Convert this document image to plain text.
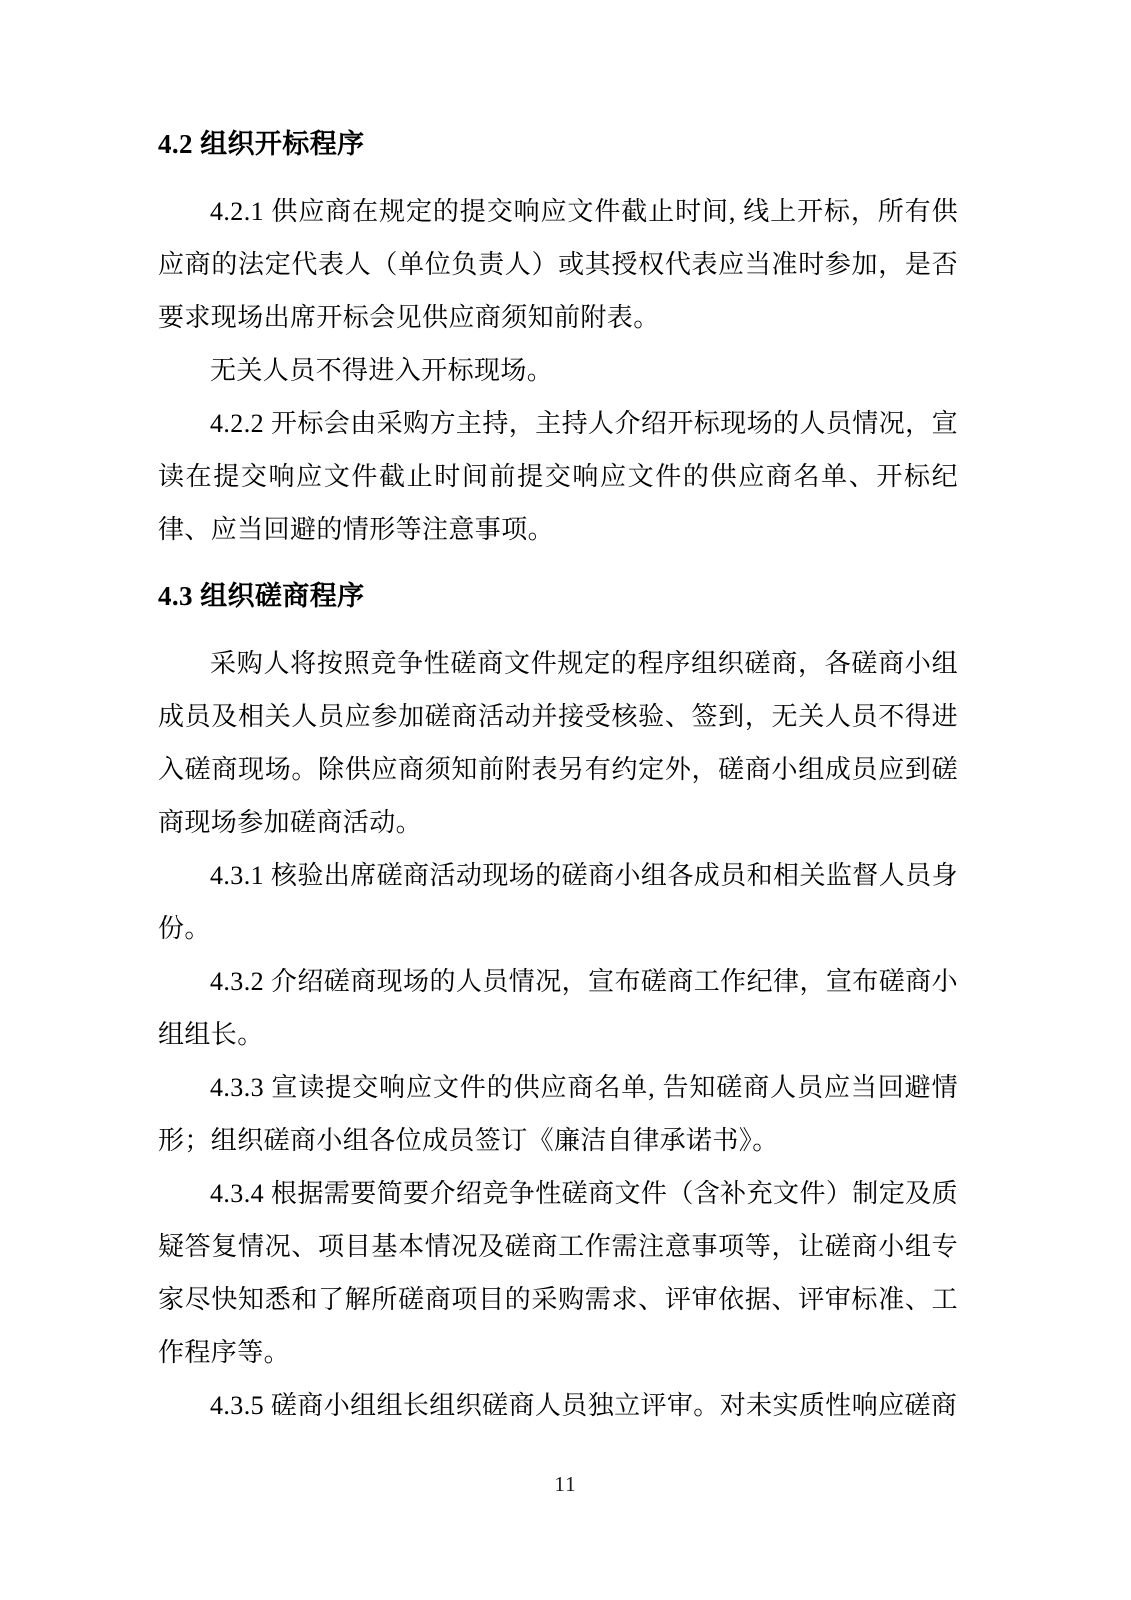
4.2 组织开标程序

4.2.1 供应商在规定的提交响应文件截止时间, 线上开标，所有供应商的法定代表人（单位负责人）或其授权代表应当准时参加，是否要求现场出席开标会见供应商须知前附表。

无关人员不得进入开标现场。

4.2.2 开标会由采购方主持，主持人介绍开标现场的人员情况，宣读在提交响应文件截止时间前提交响应文件的供应商名单、开标纪律、应当回避的情形等注意事项。

4.3 组织磋商程序

采购人将按照竞争性磋商文件规定的程序组织磋商，各磋商小组成员及相关人员应参加磋商活动并接受核验、签到，无关人员不得进入磋商现场。除供应商须知前附表另有约定外，磋商小组成员应到磋商现场参加磋商活动。

4.3.1 核验出席磋商活动现场的磋商小组各成员和相关监督人员身份。

4.3.2 介绍磋商现场的人员情况，宣布磋商工作纪律，宣布磋商小组组长。

4.3.3 宣读提交响应文件的供应商名单, 告知磋商人员应当回避情形；组织磋商小组各位成员签订《廉洁自律承诺书》。

4.3.4 根据需要简要介绍竞争性磋商文件（含补充文件）制定及质疑答复情况、项目基本情况及磋商工作需注意事项等，让磋商小组专家尽快知悉和了解所磋商项目的采购需求、评审依据、评审标准、工作程序等。

4.3.5 磋商小组组长组织磋商人员独立评审。对未实质性响应磋商

11
